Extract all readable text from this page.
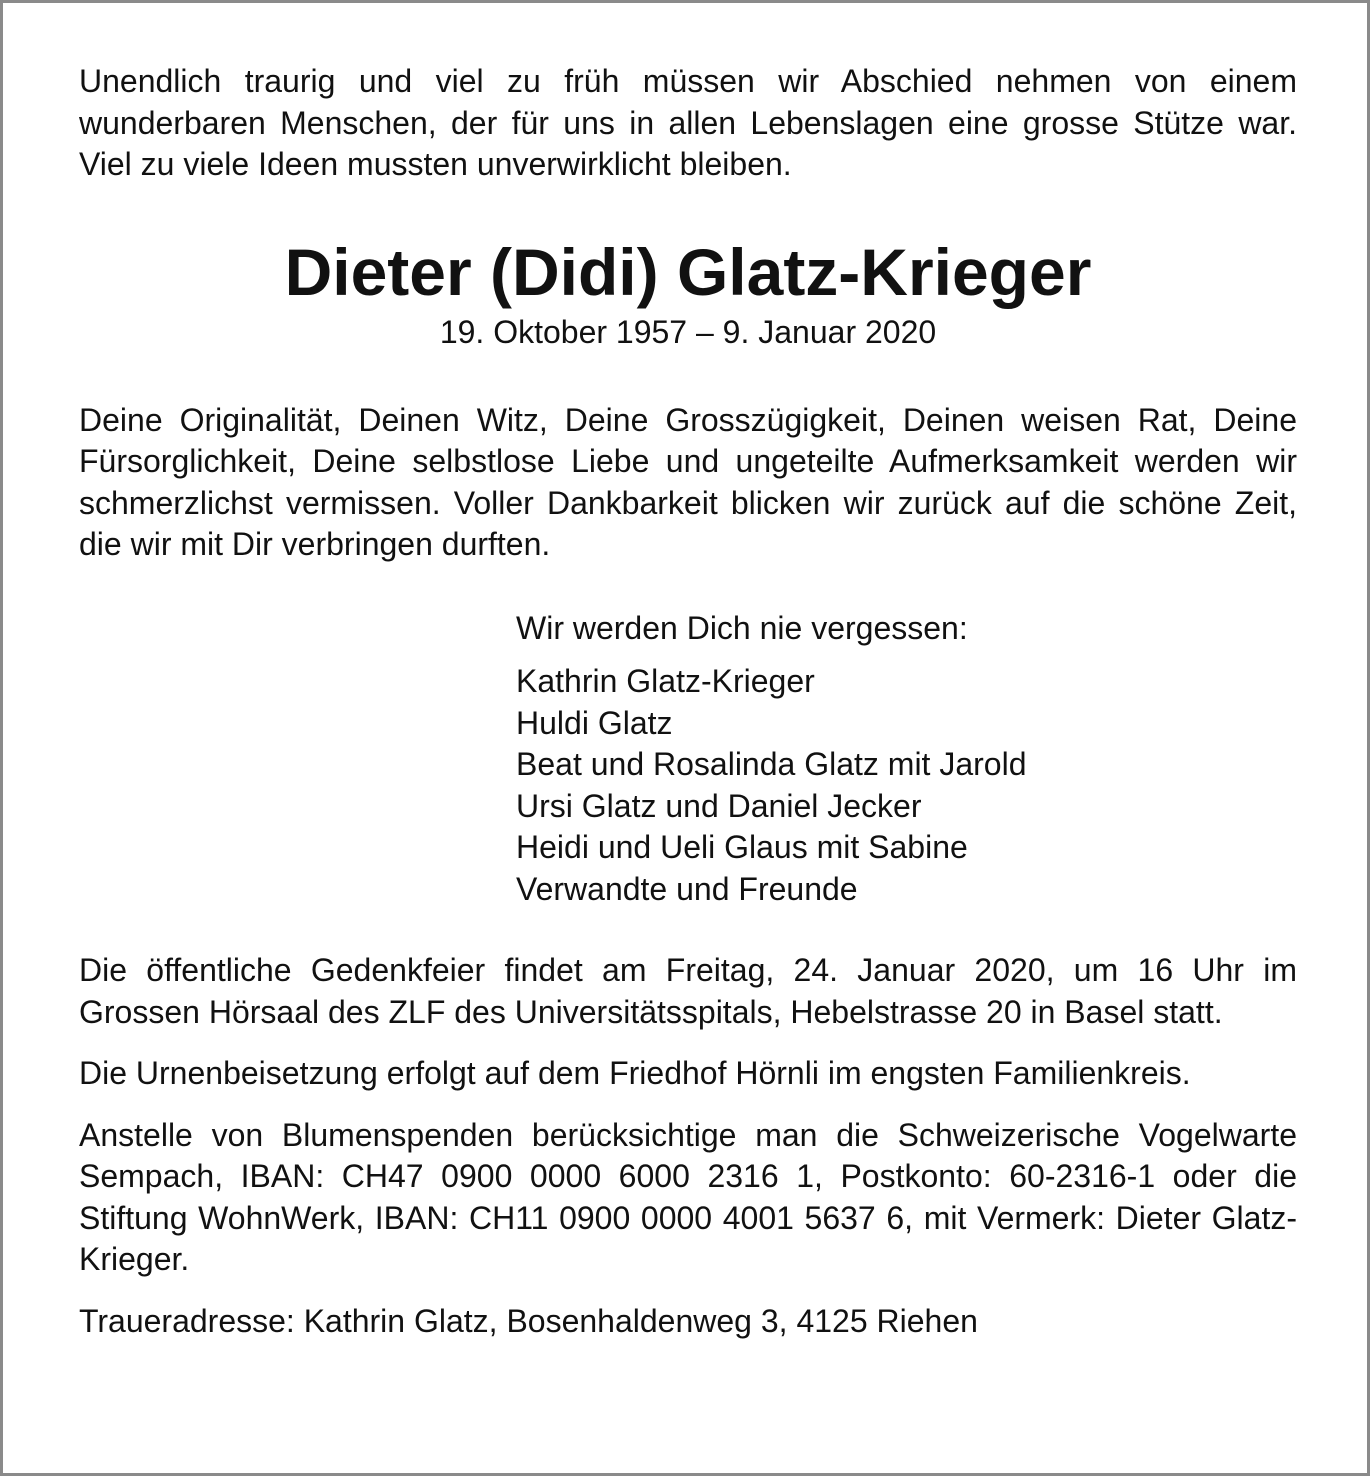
Unendlich traurig und viel zu früh müssen wir Abschied nehmen von einem wunderbaren Menschen, der für uns in allen Lebenslagen eine grosse Stütze war. Viel zu viele Ideen mussten unverwirklicht bleiben.

Dieter (Didi) Glatz-Krieger
19. Oktober 1957 – 9. Januar 2020

Deine Originalität, Deinen Witz, Deine Grosszügigkeit, Deinen weisen Rat, Deine Fürsorglichkeit, Deine selbstlose Liebe und ungeteilte Aufmerksamkeit werden wir schmerzlichst vermissen. Voller Dankbarkeit blicken wir zurück auf die schöne Zeit, die wir mit Dir verbringen durften.

Wir werden Dich nie vergessen:
Kathrin Glatz-Krieger
Huldi Glatz
Beat und Rosalinda Glatz mit Jarold
Ursi Glatz und Daniel Jecker
Heidi und Ueli Glaus mit Sabine
Verwandte und Freunde

Die öffentliche Gedenkfeier findet am Freitag, 24. Januar 2020, um 16 Uhr im Grossen Hörsaal des ZLF des Universitätsspitals, Hebelstrasse 20 in Basel statt.

Die Urnenbeisetzung erfolgt auf dem Friedhof Hörnli im engsten Familienkreis.

Anstelle von Blumenspenden berücksichtige man die Schweizerische Vogelwarte Sempach, IBAN: CH47 0900 0000 6000 2316 1, Postkonto: 60-2316-1 oder die Stiftung WohnWerk, IBAN: CH11 0900 0000 4001 5637 6, mit Vermerk: Dieter Glatz-Krieger.

Traueradresse: Kathrin Glatz, Bosenhaldenweg 3, 4125 Riehen
